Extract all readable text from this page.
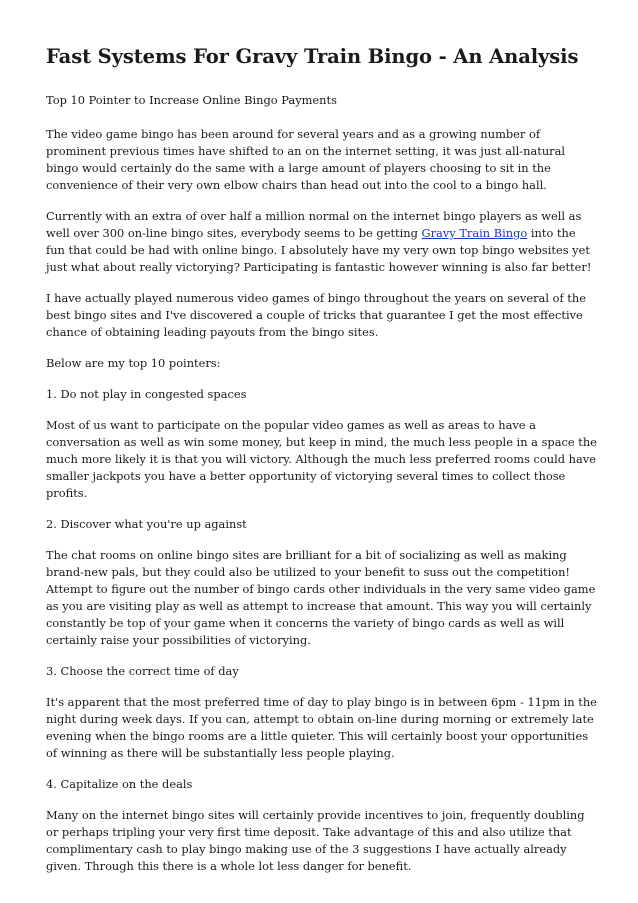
Fast Systems For Gravy Train Bingo - An Analysis

Top 10 Pointer to Increase Online Bingo Payments

The video game bingo has been around for several years and as a growing number of prominent previous times have shifted to an on the internet setting, it was just all-natural bingo would certainly do the same with a large amount of players choosing to sit in the convenience of their very own elbow chairs than head out into the cool to a bingo hall.

Currently with an extra of over half a million normal on the internet bingo players as well as well over 300 on-line bingo sites, everybody seems to be getting Gravy Train Bingo into the fun that could be had with online bingo. I absolutely have my very own top bingo websites yet just what about really victorying? Participating is fantastic however winning is also far better!

I have actually played numerous video games of bingo throughout the years on several of the best bingo sites and I've discovered a couple of tricks that guarantee I get the most effective chance of obtaining leading payouts from the bingo sites.

Below are my top 10 pointers:

1. Do not play in congested spaces

Most of us want to participate on the popular video games as well as areas to have a conversation as well as win some money, but keep in mind, the much less people in a space the much more likely it is that you will victory. Although the much less preferred rooms could have smaller jackpots you have a better opportunity of victorying several times to collect those profits.

2. Discover what you're up against

The chat rooms on online bingo sites are brilliant for a bit of socializing as well as making brand-new pals, but they could also be utilized to your benefit to suss out the competition! Attempt to figure out the number of bingo cards other individuals in the very same video game as you are visiting play as well as attempt to increase that amount. This way you will certainly constantly be top of your game when it concerns the variety of bingo cards as well as will certainly raise your possibilities of victorying.

3. Choose the correct time of day

It's apparent that the most preferred time of day to play bingo is in between 6pm - 11pm in the night during week days. If you can, attempt to obtain on-line during morning or extremely late evening when the bingo rooms are a little quieter. This will certainly boost your opportunities of winning as there will be substantially less people playing.

4. Capitalize on the deals

Many on the internet bingo sites will certainly provide incentives to join, frequently doubling or perhaps tripling your very first time deposit. Take advantage of this and also utilize that complimentary cash to play bingo making use of the 3 suggestions I have actually already given. Through this there is a whole lot less danger for benefit.
